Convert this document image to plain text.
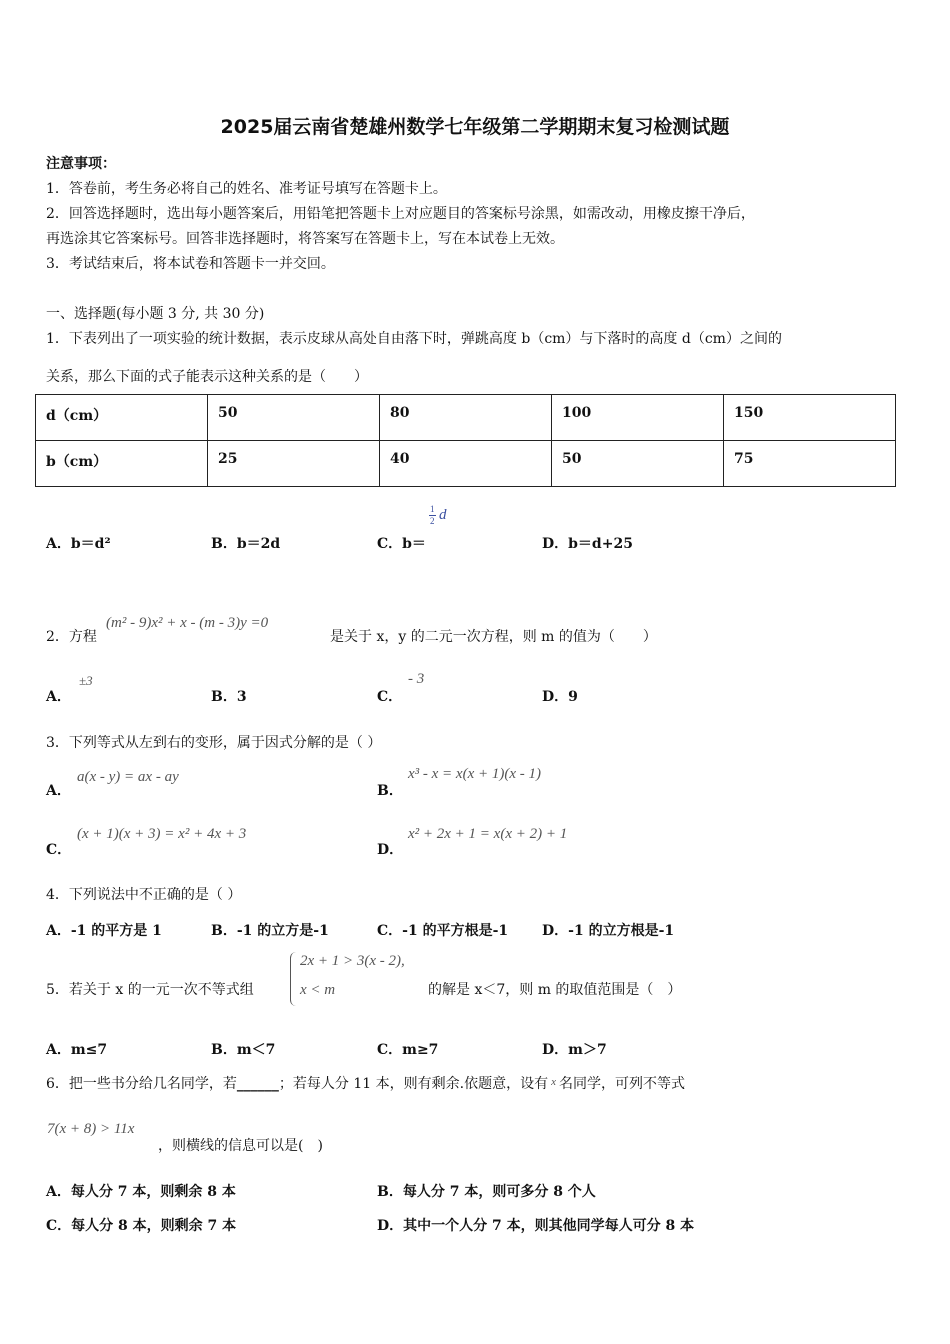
2025届云南省楚雄州数学七年级第二学期期末复习检测试题
注意事项：
1．答卷前，考生务必将自己的姓名、准考证号填写在答题卡上。
2．回答选择题时，选出每小题答案后，用铅笔把答题卡上对应题目的答案标号涂黑，如需改动，用橡皮擦干净后，
再选涂其它答案标号。回答非选择题时，将答案写在答题卡上，写在本试卷上无效。
3．考试结束后，将本试卷和答题卡一并交回。
一、选择题(每小题 3 分, 共 30 分)
1．下表列出了一项实验的统计数据，表示皮球从高处自由落下时，弹跳高度 b（cm）与下落时的高度 d（cm）之间的
关系，那么下面的式子能表示这种关系的是（　　）
d（cm）	50	80	100	150
b（cm）	25	40	50	75
A．b＝d²	B．b＝2d	C．b＝
1
2 d
D．b＝d+25
2．方程
(m² - 9)x² + x - (m - 3)y =0
是关于 x，y 的二元一次方程，则 m 的值为（　　）
A．
±3
B．3	C．
- 3
D．9
3．下列等式从左到右的变形，属于因式分解的是（ ）
A．
a(x - y) = ax - ay
B．
x³ - x = x(x + 1)(x - 1)
C．
(x + 1)(x + 3) = x² + 4x + 3
D．
x² + 2x + 1 = x(x + 2) + 1
4．下列说法中不正确的是（ ）
A．-1 的平方是 1	B．-1 的立方是-1	C．-1 的平方根是-1 D．-1 的立方根是-1
5．若关于 x 的一元一次不等式组
2x + 1 > 3(x - 2),
x < m	的解是 x＜7，则 m 的取值范围是（　）
A．m≤7	B．m＜7	C．m≥7	D．m＞7
6．把一些书分给几名同学，若______；若每人分 11 本，则有剩余.依题意，设有 $^x$ 名同学，可列不等式
7(x + 8) > 11x
，则横线的信息可以是(　)
A．每人分 7 本，则剩余 8 本	B．每人分 7 本，则可多分 8 个人
C．每人分 8 本，则剩余 7 本	D．其中一个人分 7 本，则其他同学每人可分 8 本
